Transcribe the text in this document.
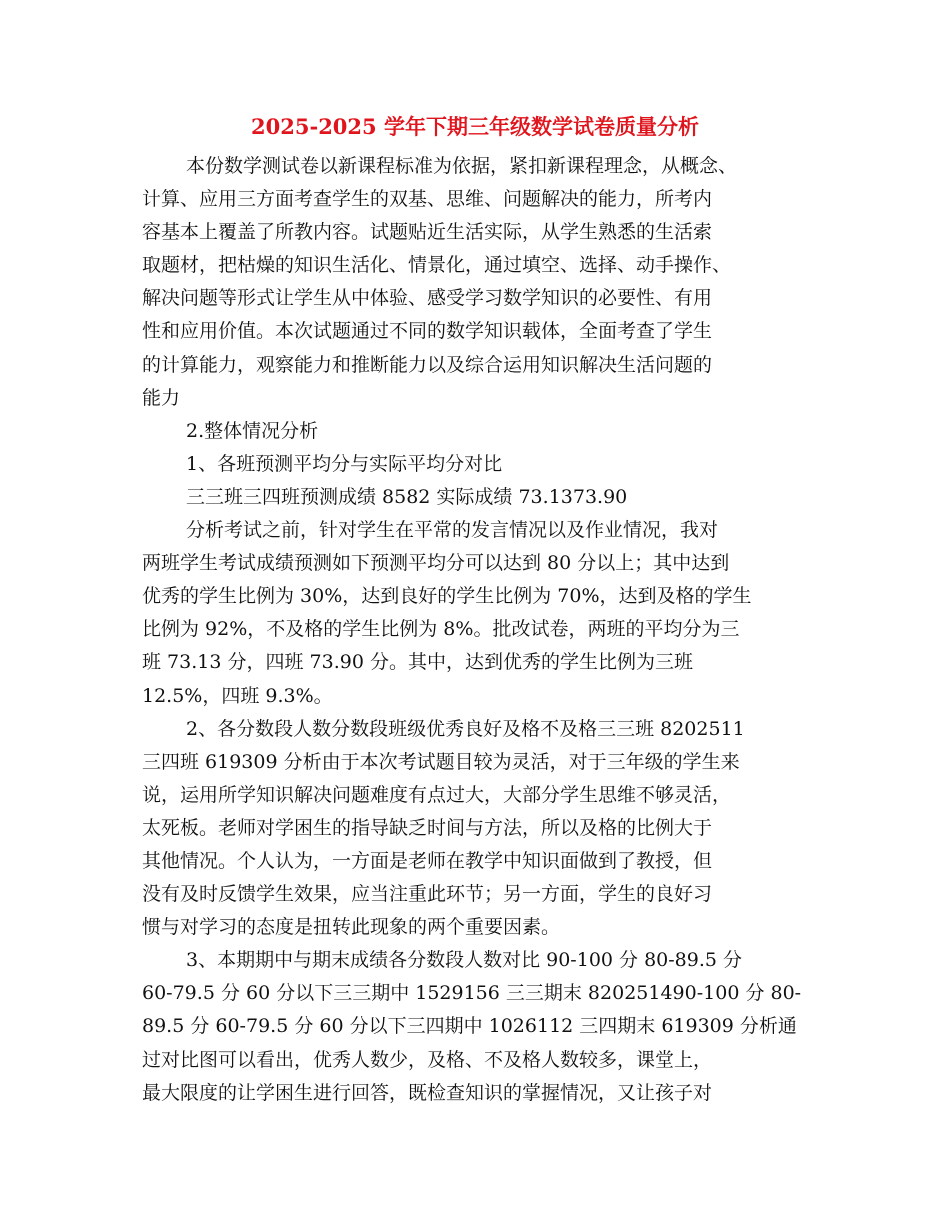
2025-2025 学年下期三年级数学试卷质量分析
本份数学测试卷以新课程标准为依据，紧扣新课程理念，从概念、
计算、应用三方面考查学生的双基、思维、问题解决的能力，所考内
容基本上覆盖了所教内容。试题贴近生活实际，从学生熟悉的生活索
取题材，把枯燥的知识生活化、情景化，通过填空、选择、动手操作、
解决问题等形式让学生从中体验、感受学习数学知识的必要性、有用
性和应用价值。本次试题通过不同的数学知识载体，全面考查了学生
的计算能力，观察能力和推断能力以及综合运用知识解决生活问题的
能力
2.整体情况分析
1、各班预测平均分与实际平均分对比
三三班三四班预测成绩 8582 实际成绩 73.1373.90
分析考试之前，针对学生在平常的发言情况以及作业情况，我对
两班学生考试成绩预测如下预测平均分可以达到 80 分以上；其中达到
优秀的学生比例为 30%，达到良好的学生比例为 70%，达到及格的学生
比例为 92%，不及格的学生比例为 8%。批改试卷，两班的平均分为三
班 73.13 分，四班 73.90 分。其中，达到优秀的学生比例为三班
12.5%，四班 9.3%。
2、各分数段人数分数段班级优秀良好及格不及格三三班 8202511
三四班 619309 分析由于本次考试题目较为灵活，对于三年级的学生来
说，运用所学知识解决问题难度有点过大，大部分学生思维不够灵活，
太死板。老师对学困生的指导缺乏时间与方法，所以及格的比例大于
其他情况。个人认为，一方面是老师在教学中知识面做到了教授，但
没有及时反馈学生效果，应当注重此环节；另一方面，学生的良好习
惯与对学习的态度是扭转此现象的两个重要因素。
3、本期期中与期末成绩各分数段人数对比 90-100 分 80-89.5 分
60-79.5 分 60 分以下三三期中 1529156 三三期末 820251490-100 分 80-
89.5 分 60-79.5 分 60 分以下三四期中 1026112 三四期末 619309 分析通
过对比图可以看出，优秀人数少，及格、不及格人数较多，课堂上，
最大限度的让学困生进行回答，既检查知识的掌握情况，又让孩子对
